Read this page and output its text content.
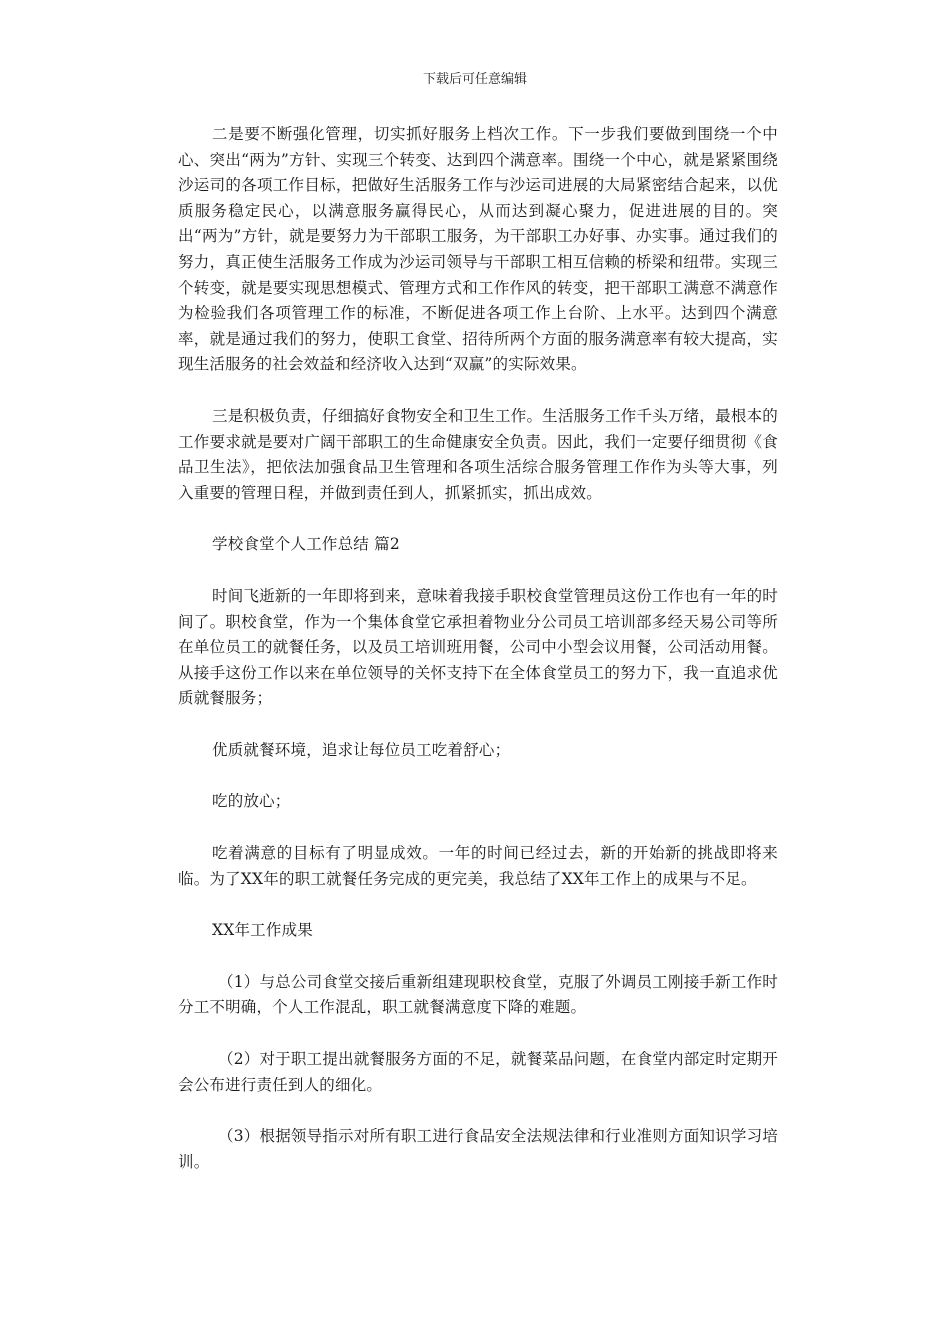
下载后可任意编辑

二是要不断强化管理，切实抓好服务上档次工作。下一步我们要做到围绕一个中心、突出“两为”方针、实现三个转变、达到四个满意率。围绕一个中心，就是紧紧围绕沙运司的各项工作目标，把做好生活服务工作与沙运司进展的大局紧密结合起来，以优质服务稳定民心，以满意服务赢得民心，从而达到凝心聚力，促进进展的目的。突出“两为”方针，就是要努力为干部职工服务，为干部职工办好事、办实事。通过我们的努力，真正使生活服务工作成为沙运司领导与干部职工相互信赖的桥梁和纽带。实现三个转变，就是要实现思想模式、管理方式和工作作风的转变，把干部职工满意不满意作为检验我们各项管理工作的标准，不断促进各项工作上台阶、上水平。达到四个满意率，就是通过我们的努力，使职工食堂、招待所两个方面的服务满意率有较大提高，实现生活服务的社会效益和经济收入达到“双赢”的实际效果。

三是积极负责，仔细搞好食物安全和卫生工作。生活服务工作千头万绪，最根本的工作要求就是要对广阔干部职工的生命健康安全负责。因此，我们一定要仔细贯彻《食品卫生法》，把依法加强食品卫生管理和各项生活综合服务管理工作作为头等大事，列入重要的管理日程，并做到责任到人，抓紧抓实，抓出成效。

学校食堂个人工作总结 篇2

时间飞逝新的一年即将到来，意味着我接手职校食堂管理员这份工作也有一年的时间了。职校食堂，作为一个集体食堂它承担着物业分公司员工培训部多经天易公司等所在单位员工的就餐任务，以及员工培训班用餐，公司中小型会议用餐，公司活动用餐。从接手这份工作以来在单位领导的关怀支持下在全体食堂员工的努力下，我一直追求优质就餐服务；

优质就餐环境，追求让每位员工吃着舒心；

吃的放心；

吃着满意的目标有了明显成效。一年的时间已经过去，新的开始新的挑战即将来临。为了XX年的职工就餐任务完成的更完美，我总结了XX年工作上的成果与不足。

XX年工作成果

（1）与总公司食堂交接后重新组建现职校食堂，克服了外调员工刚接手新工作时分工不明确，个人工作混乱，职工就餐满意度下降的难题。

（2）对于职工提出就餐服务方面的不足，就餐菜品问题，在食堂内部定时定期开会公布进行责任到人的细化。

（3）根据领导指示对所有职工进行食品安全法规法律和行业准则方面知识学习培训。
